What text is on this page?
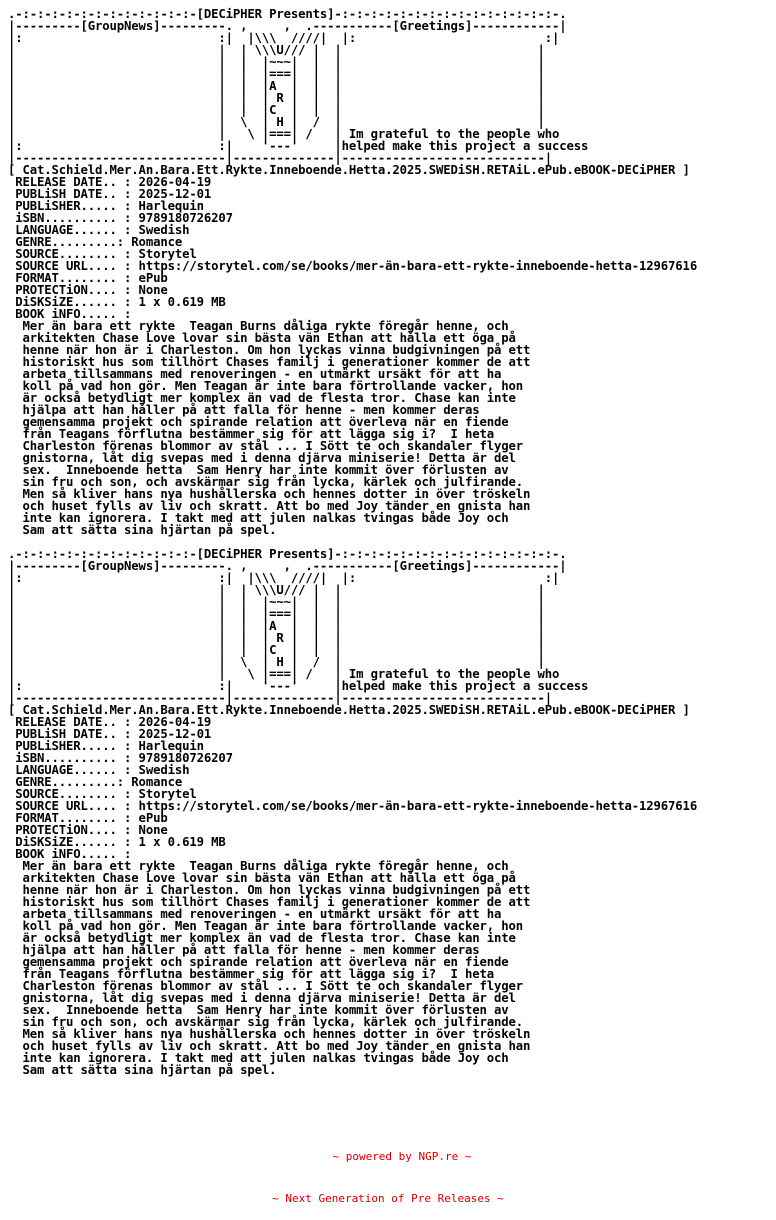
.-:-:-:-:-:-:-:-:-:-:-:-:-[DECiPHER Presents]-:-:-:-:-:-:-:-:-:-:-:-:-:-:-:-.
|---------[GroupNews]---------. ,     ,  .-----------[Greetings]------------|
|:                           :|  |\\\  ////|  |:                          :|
|                            |  | \\\U/// |  |                           |
|                            |  |  |~~~|  |  |                           |
|                            |  |  |===|  |  |                           |
|                            |  |  |A  |  |  |                           |
|                            |  |  | R |  |  |                           |
|                            |  |  |C  |  |  |                           |
|                            |  \  | H |  /  |                           |
|                            |   \ |===| /   | Im grateful to the people who
|:                           :|    '---'     |helped make this project a success
|-----------------------------|--------------|----------------------------|
[ Cat.Schield.Mer.An.Bara.Ett.Rykte.Inneboende.Hetta.2025.SWEDiSH.RETAiL.ePub.eBOOK-DECiPHER ]
RELEASE DATE.. : 2026-04-19
PUBLiSH DATE.. : 2025-12-01
PUBLiSHER..... : Harlequin
iSBN.......... : 9789180726207
LANGUAGE...... : Swedish
GENRE.........: Romance
SOURCE........ : Storytel
SOURCE URL.... : https://storytel.com/se/books/mer-än-bara-ett-rykte-inneboende-hetta-12967616
FORMAT........ : ePub
PROTECTiON.... : None
DiSKSiZE...... : 1 x 0.619 MB
BOOK iNFO..... :
Mer än bara ett rykte  Teagan Burns dåliga rykte föregår henne, och
arkitekten Chase Love lovar sin bästa vän Ethan att hålla ett öga på
henne när hon är i Charleston. Om hon lyckas vinna budgivningen på ett
historiskt hus som tillhört Chases familj i generationer kommer de att
arbeta tillsammans med renoveringen - en utmärkt ursäkt för att ha
koll på vad hon gör. Men Teagan är inte bara förtrollande vacker, hon
är också betydligt mer komplex än vad de flesta tror. Chase kan inte
hjälpa att han håller på att falla för henne - men kommer deras
gemensamma projekt och spirande relation att överleva när en fiende
från Teagans förflutna bestämmer sig för att lägga sig i?  I heta
Charleston förenas blommor av stål ... I Sött te och skandaler flyger
gnistorna, låt dig svepas med i denna djärva miniserie! Detta är del
sex.  Inneboende hetta  Sam Henry har inte kommit över förlusten av
sin fru och son, och avskärmar sig från lycka, kärlek och julfirande.
Men så kliver hans nya hushållerska och hennes dotter in över tröskeln
och huset fylls av liv och skratt. Att bo med Joy tänder en gnista han
inte kan ignorera. I takt med att julen nalkas tvingas både Joy och
Sam att sätta sina hjärtan på spel.
.-:-:-:-:-:-:-:-:-:-:-:-:-[DECiPHER Presents]-:-:-:-:-:-:-:-:-:-:-:-:-:-:-:-.
|---------[GroupNews]---------. ,     ,  .-----------[Greetings]------------|
|:                           :|  |\\\  ////|  |:                          :|
|                            |  | \\\U/// |  |                           |
|                            |  |  |~~~|  |  |                           |
|                            |  |  |===|  |  |                           |
|                            |  |  |A  |  |  |                           |
|                            |  |  | R |  |  |                           |
|                            |  |  |C  |  |  |                           |
|                            |  \  | H |  /  |                           |
|                            |   \ |===| /   | Im grateful to the people who
|:                           :|    '---'     |helped make this project a success
|-----------------------------|--------------|----------------------------|
[ Cat.Schield.Mer.An.Bara.Ett.Rykte.Inneboende.Hetta.2025.SWEDiSH.RETAiL.ePub.eBOOK-DECiPHER ]
RELEASE DATE.. : 2026-04-19
PUBLiSH DATE.. : 2025-12-01
PUBLiSHER..... : Harlequin
iSBN.......... : 9789180726207
LANGUAGE...... : Swedish
GENRE.........: Romance
SOURCE........ : Storytel
SOURCE URL.... : https://storytel.com/se/books/mer-än-bara-ett-rykte-inneboende-hetta-12967616
FORMAT........ : ePub
PROTECTiON.... : None
DiSKSiZE...... : 1 x 0.619 MB
BOOK iNFO..... :
Mer än bara ett rykte  Teagan Burns dåliga rykte föregår henne, och
arkitekten Chase Love lovar sin bästa vän Ethan att hålla ett öga på
henne när hon är i Charleston. Om hon lyckas vinna budgivningen på ett
historiskt hus som tillhört Chases familj i generationer kommer de att
arbeta tillsammans med renoveringen - en utmärkt ursäkt för att ha
koll på vad hon gör. Men Teagan är inte bara förtrollande vacker, hon
är också betydligt mer komplex än vad de flesta tror. Chase kan inte
hjälpa att han håller på att falla för henne - men kommer deras
gemensamma projekt och spirande relation att överleva när en fiende
från Teagans förflutna bestämmer sig för att lägga sig i?  I heta
Charleston förenas blommor av stål ... I Sött te och skandaler flyger
gnistorna, låt dig svepas med i denna djärva miniserie! Detta är del
sex.  Inneboende hetta  Sam Henry har inte kommit över förlusten av
sin fru och son, och avskärmar sig från lycka, kärlek och julfirande.
Men så kliver hans nya hushållerska och hennes dotter in över tröskeln
och huset fylls av liv och skratt. Att bo med Joy tänder en gnista han
inte kan ignorera. I takt med att julen nalkas tvingas både Joy och
Sam att sätta sina hjärtan på spel.

~ powered by NGP.re ~

~ Next Generation of Pre Releases ~
